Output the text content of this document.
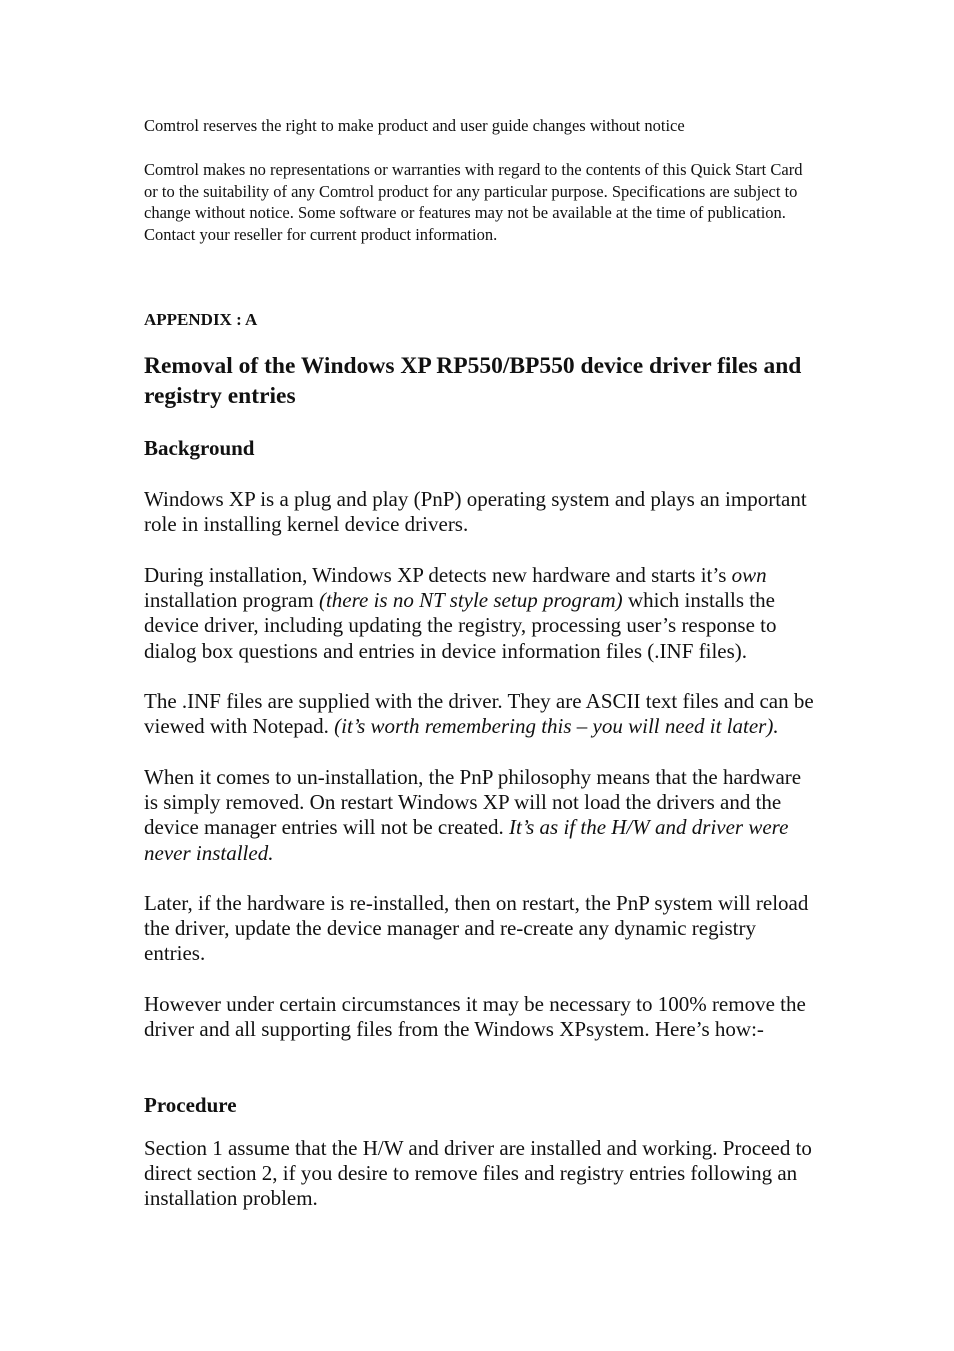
Comtrol reserves the right to make product and user guide changes without notice

Comtrol makes no representations or warranties with regard to the contents of this Quick Start Card or to the suitability of any Comtrol product for any particular purpose. Specifications are subject to change without notice. Some software or features may not be available at the time of publication. Contact your reseller for current product information.

APPENDIX : A

Removal of the Windows XP RP550/BP550 device driver files and registry entries
Background

Windows XP is a plug and play (PnP) operating system and plays an important role in installing kernel device drivers.

During installation, Windows XP detects new hardware and starts it’s own installation program (there is no NT style setup program) which installs the device driver, including updating the registry, processing user’s response to dialog box questions and entries in device information files (.INF files).

The .INF files are supplied with the driver. They are ASCII text files and can be viewed with Notepad. (it’s worth remembering this – you will need it later).

When it comes to un-installation, the PnP philosophy means that the hardware is simply removed. On restart Windows XP will not load the drivers and the device manager entries will not be created. It’s as if the H/W and driver were never installed.

Later, if the hardware is re-installed, then on restart, the PnP system will reload the driver, update the device manager and re-create any dynamic registry entries.

However under certain circumstances it may be necessary to 100% remove the driver and all supporting files from the Windows XPsystem. Here’s how:-

Procedure

Section 1 assume that the H/W and driver are installed and working. Proceed to direct section 2, if you desire to remove files and registry entries following an installation problem.
